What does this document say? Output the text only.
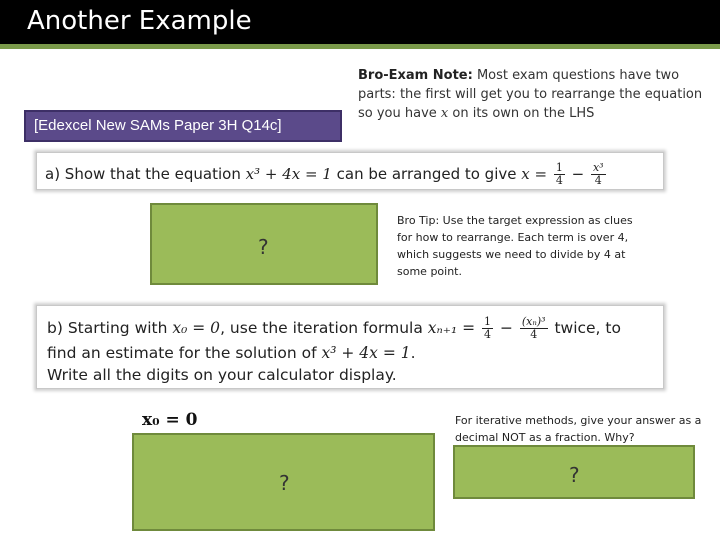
Another Example
Bro-Exam Note: Most exam questions have two parts: the first will get you to rearrange the equation so you have x on its own on the LHS
[Edexcel New SAMs Paper 3H Q14c]
a) Show that the equation x³ + 4x = 1 can be arranged to give $x = \frac{1}{4} - \frac{\text{x³}}{4}$
?
Bro Tip: Use the target expression as clues for how to rearrange. Each term is over 4, which suggests we need to divide by 4 at some point.
b) Starting with x₀ = 0, use the iteration formula $x_{n+1} = \frac{1}{4} - \frac{\text{(xₙ)³}}{4}$ twice, to
find an estimate for the solution of x³ + 4x = 1.
Write all the digits on your calculator display.
x₀ = 0	For iterative methods, give your answer as a decimal NOT as a fraction. Why?
?	?
